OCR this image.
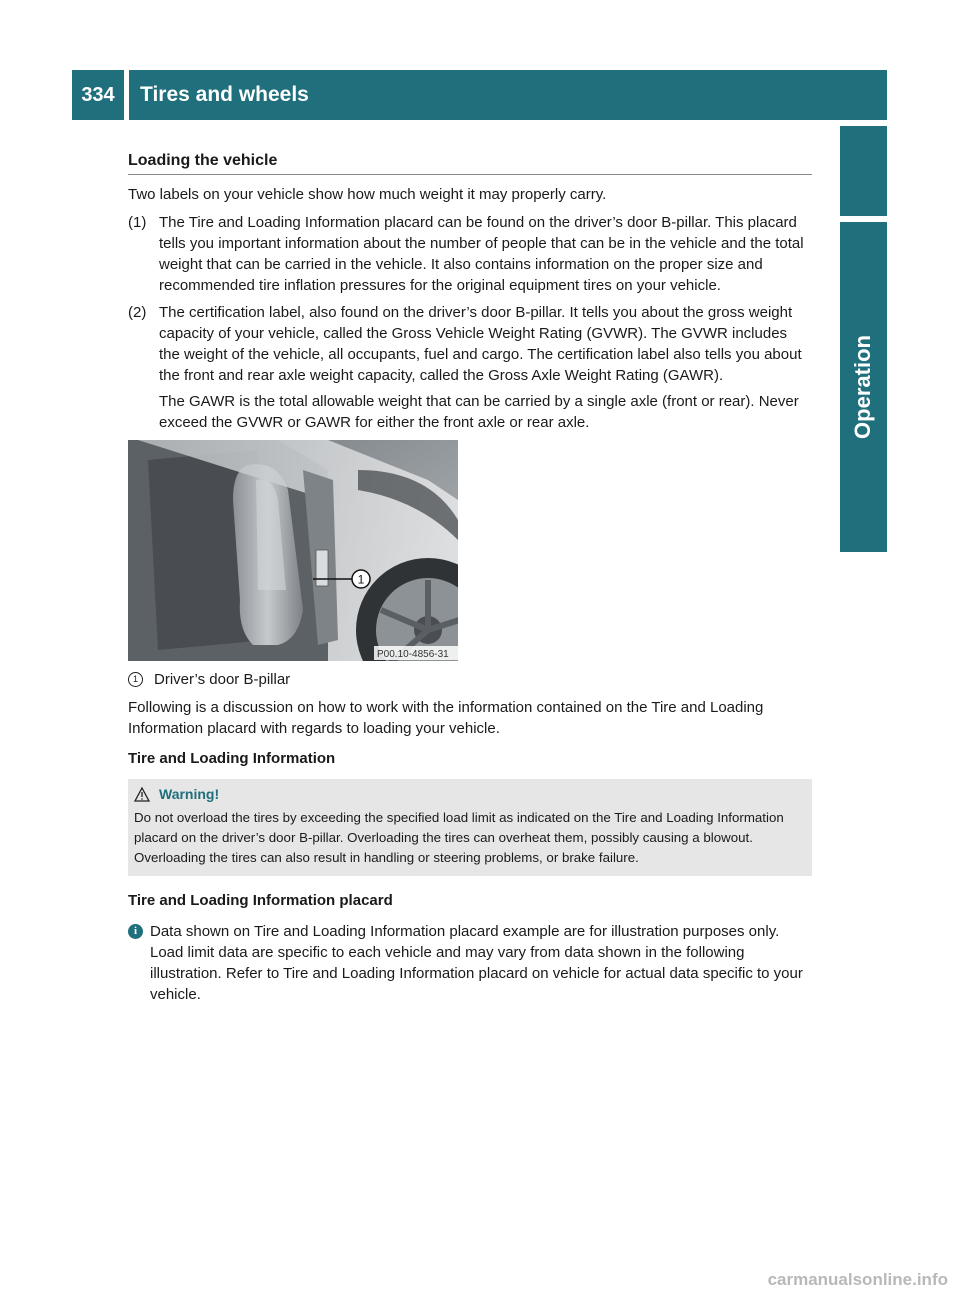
334	Tires and wheels
Operation
Loading the vehicle

Two labels on your vehicle show how much weight it may properly carry.

(1) The Tire and Loading Information placard can be found on the driver’s door B-pillar. This placard tells you important information about the number of people that can be in the vehicle and the total weight that can be carried in the vehicle. It also contains information on the proper size and recommended tire inflation pressures for the original equipment tires on your vehicle.

(2) The certification label, also found on the driver’s door B-pillar. It tells you about the gross weight capacity of your vehicle, called the Gross Vehicle Weight Rating (GVWR). The GVWR includes the weight of the vehicle, all occupants, fuel and cargo. The certification label also tells you about the front and rear axle weight capacity, called the Gross Axle Weight Rating (GAWR).

The GAWR is the total allowable weight that can be carried by a single axle (front or rear). Never exceed the GVWR or GAWR for either the front axle or rear axle.

1
P00.10-4856-31
1	Driver’s door B-pillar

Following is a discussion on how to work with the information contained on the Tire and Loading Information placard with regards to loading your vehicle.

Tire and Loading Information
Warning!
Do not overload the tires by exceeding the specified load limit as indicated on the Tire and Loading Information placard on the driver’s door B-pillar. Overloading the tires can overheat them, possibly causing a blowout. Overloading the tires can also result in handling or steering problems, or brake failure.
Tire and Loading Information placard
i Data shown on Tire and Loading Information placard example are for illustration purposes only. Load limit data are specific to each vehicle and may vary from data shown in the following illustration. Refer to Tire and Loading Information placard on vehicle for actual data specific to your vehicle.
carmanualsonline.info
